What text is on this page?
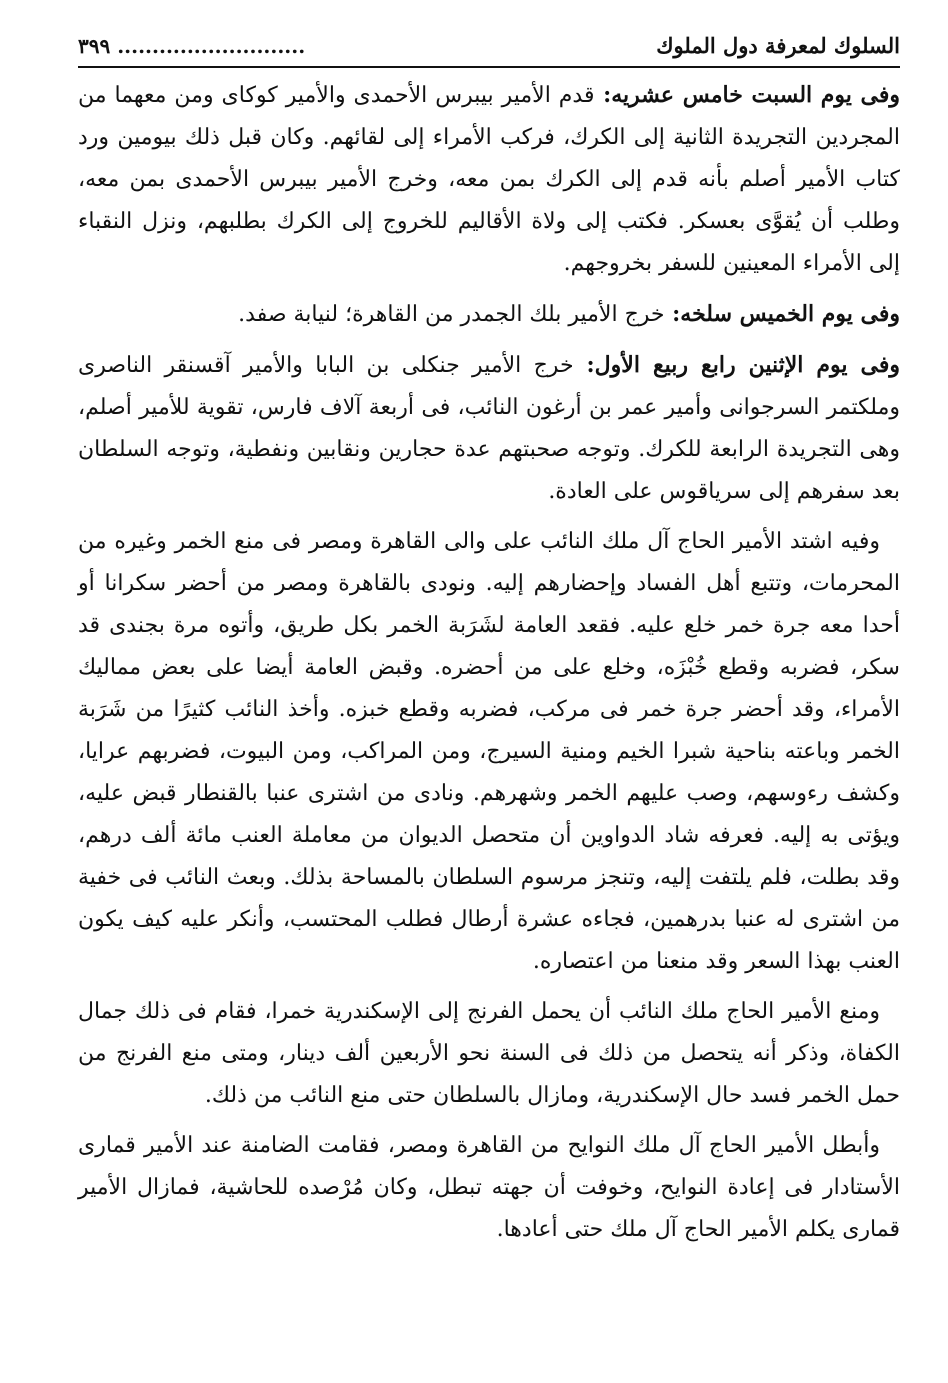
السلوك لمعرفة دول الملوك
........................... ٣٩٩

وفى يوم السبت خامس عشريه: قدم الأمير بيبرس الأحمدى والأمير كوكاى ومن معهما من المجردين التجريدة الثانية إلى الكرك، فركب الأمراء إلى لقائهم. وكان قبل ذلك بيومين ورد كتاب الأمير أصلم بأنه قدم إلى الكرك بمن معه، وخرج الأمير بيبرس الأحمدى بمن معه، وطلب أن يُقوَّى بعسكر. فكتب إلى ولاة الأقاليم للخروج إلى الكرك بطلبهم، ونزل النقباء إلى الأمراء المعينين للسفر بخروجهم.

وفى يوم الخميس سلخه: خرج الأمير بلك الجمدر من القاهرة؛ لنيابة صفد.

وفى يوم الإثنين رابع ربيع الأول: خرج الأمير جنكلى بن البابا والأمير آقسنقر الناصرى وملكتمر السرجوانى وأمير عمر بن أرغون النائب، فى أربعة آلاف فارس، تقوية للأمير أصلم، وهى التجريدة الرابعة للكرك. وتوجه صحبتهم عدة حجارين ونقابين ونفطية، وتوجه السلطان بعد سفرهم إلى سرياقوس على العادة.

وفيه اشتد الأمير الحاج آل ملك النائب على والى القاهرة ومصر فى منع الخمر وغيره من المحرمات، وتتبع أهل الفساد وإحضارهم إليه. ونودى بالقاهرة ومصر من أحضر سكرانا أو أحدا معه جرة خمر خلع عليه. فقعد العامة لشَرَبة الخمر بكل طريق، وأتوه مرة بجندى قد سكر، فضربه وقطع خُبْزَه، وخلع على من أحضره. وقبض العامة أيضا على بعض مماليك الأمراء، وقد أحضر جرة خمر فى مركب، فضربه وقطع خبزه. وأخذ النائب كثيرًا من شَرَبة الخمر وباعته بناحية شبرا الخيم ومنية السيرج، ومن المراكب، ومن البيوت، فضربهم عرايا، وكشف رءوسهم، وصب عليهم الخمر وشهرهم. ونادى من اشترى عنبا بالقنطار قبض عليه، ويؤتى به إليه. فعرفه شاد الدواوين أن متحصل الديوان من معاملة العنب مائة ألف درهم، وقد بطلت، فلم يلتفت إليه، وتنجز مرسوم السلطان بالمساحة بذلك. وبعث النائب فى خفية من اشترى له عنبا بدرهمين، فجاءه عشرة أرطال فطلب المحتسب، وأنكر عليه كيف يكون العنب بهذا السعر وقد منعنا من اعتصاره.

ومنع الأمير الحاج ملك النائب أن يحمل الفرنج إلى الإسكندرية خمرا، فقام فى ذلك جمال الكفاة، وذكر أنه يتحصل من ذلك فى السنة نحو الأربعين ألف دينار، ومتى منع الفرنج من حمل الخمر فسد حال الإسكندرية، ومازال بالسلطان حتى منع النائب من ذلك.

وأبطل الأمير الحاج آل ملك النوايح من القاهرة ومصر، فقامت الضامنة عند الأمير قمارى الأستادار فى إعادة النوايح، وخوفت أن جهته تبطل، وكان مُرْصده للحاشية، فمازال الأمير قمارى يكلم الأمير الحاج آل ملك حتى أعادها.
